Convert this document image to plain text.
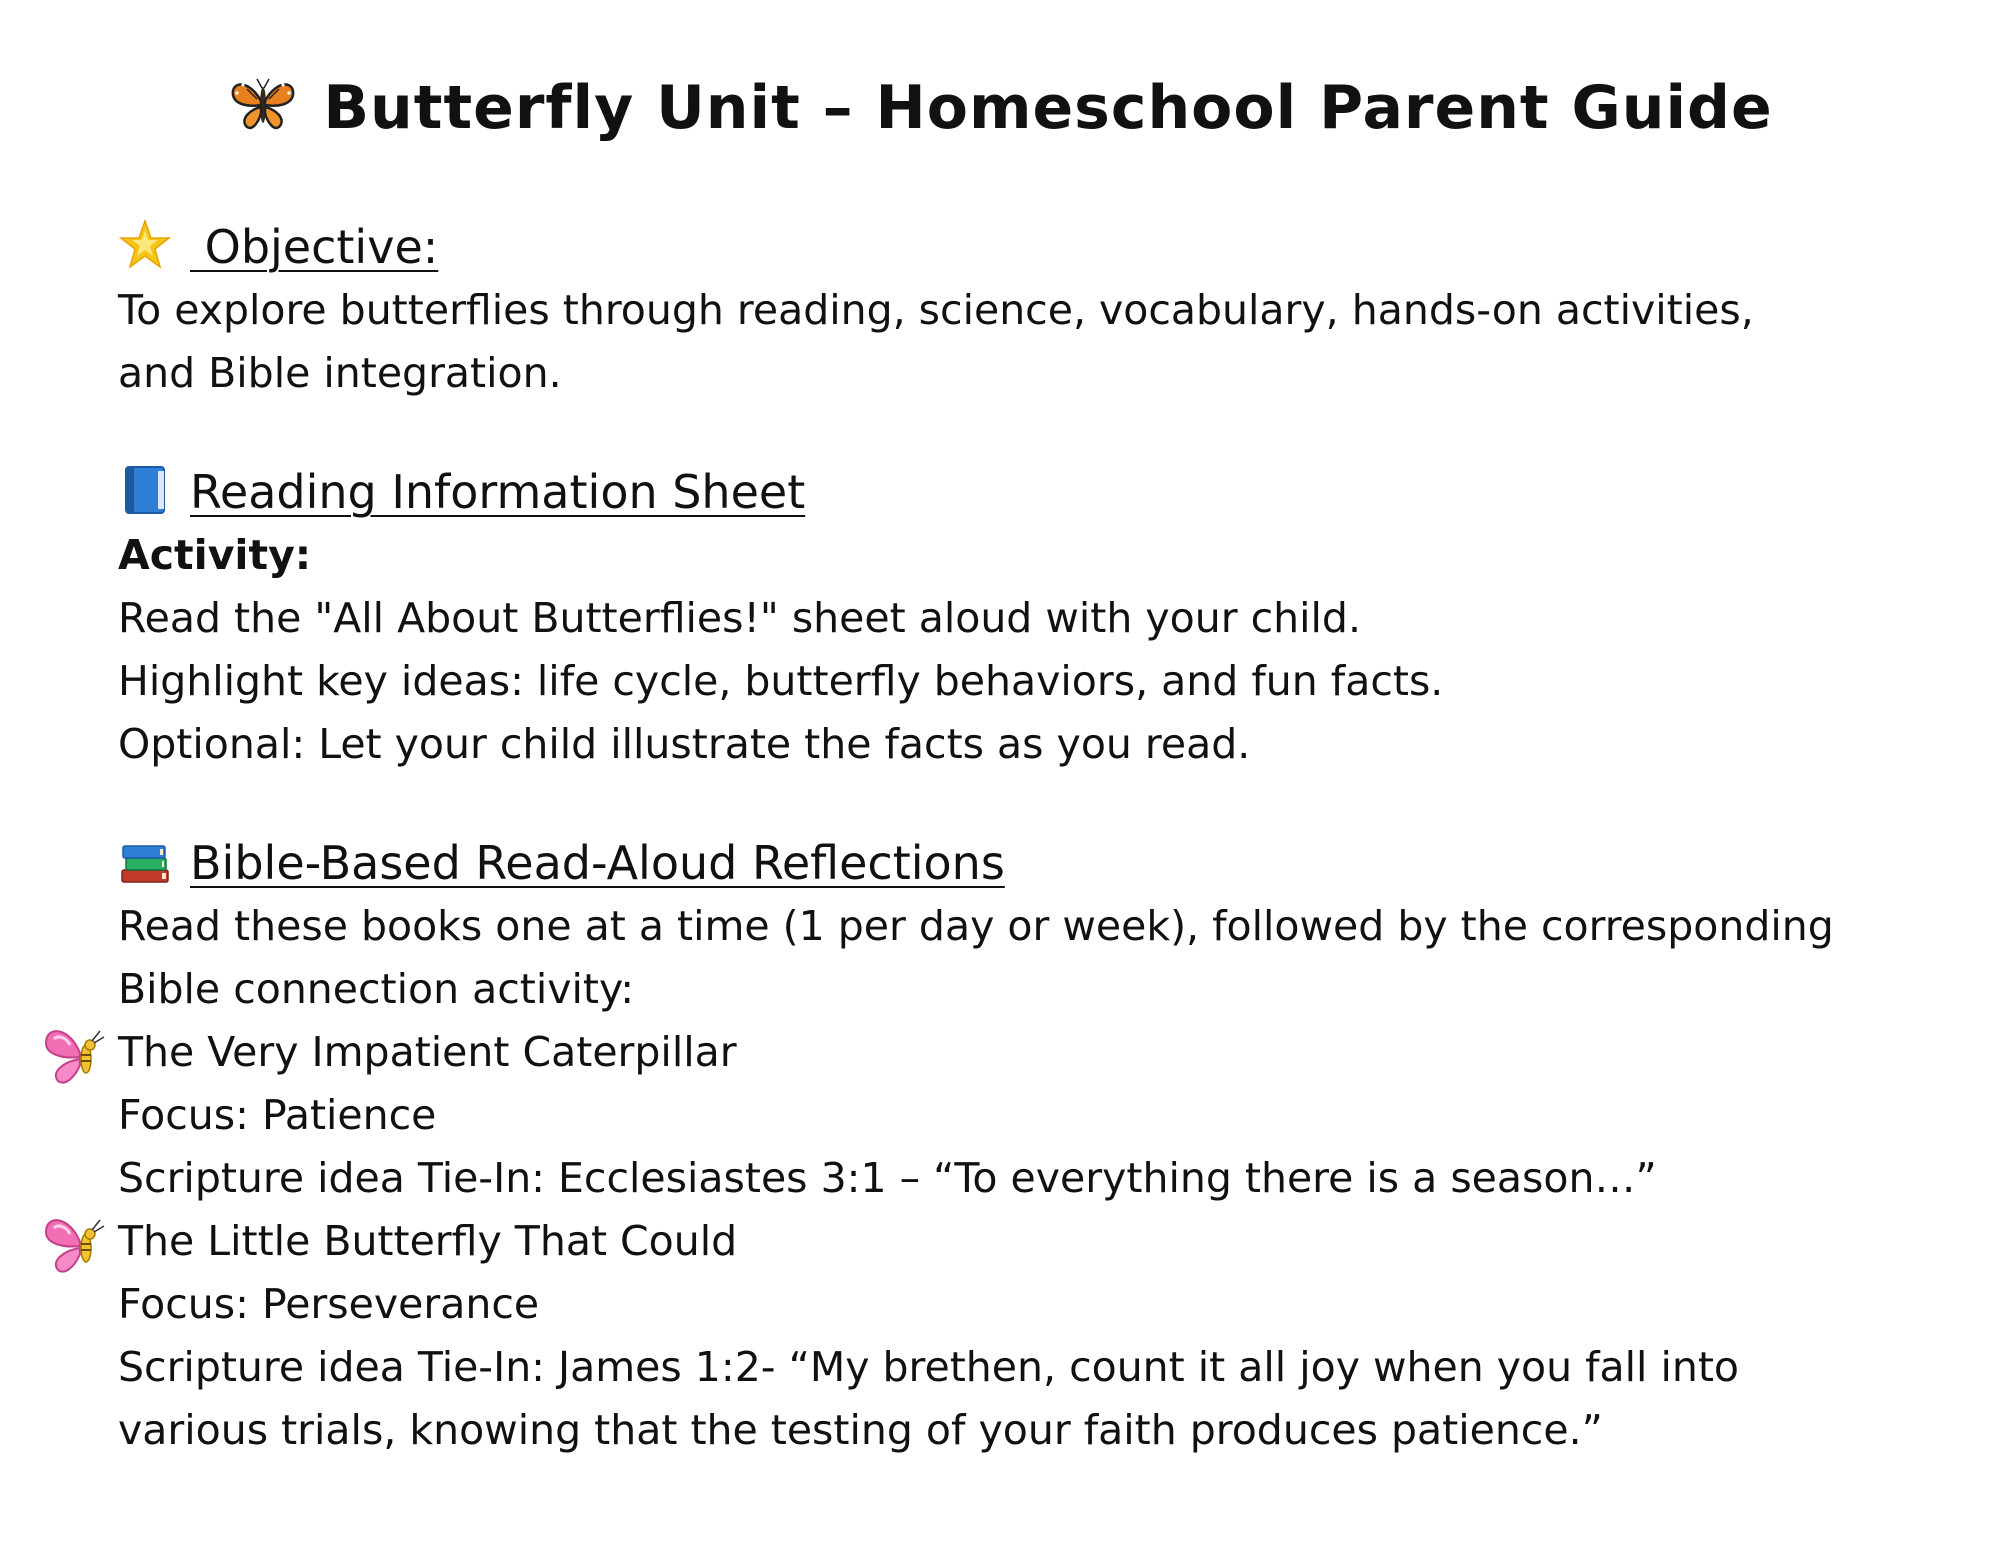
Butterfly Unit – Homeschool Parent Guide
Objective:
To explore butterflies through reading, science, vocabulary, hands-on activities,
and Bible integration.
Reading Information Sheet
Activity:
Read the "All About Butterflies!" sheet aloud with your child.
Highlight key ideas: life cycle, butterfly behaviors, and fun facts.
Optional: Let your child illustrate the facts as you read.
Bible-Based Read-Aloud Reflections
Read these books one at a time (1 per day or week), followed by the corresponding
Bible connection activity:
The Very Impatient Caterpillar
Focus: Patience
Scripture idea Tie-In: Ecclesiastes 3:1 – “To everything there is a season…”
The Little Butterfly That Could
Focus: Perseverance
Scripture idea Tie-In: James 1:2- “My brethen, count it all joy when you fall into
various trials, knowing that the testing of your faith produces patience.”
